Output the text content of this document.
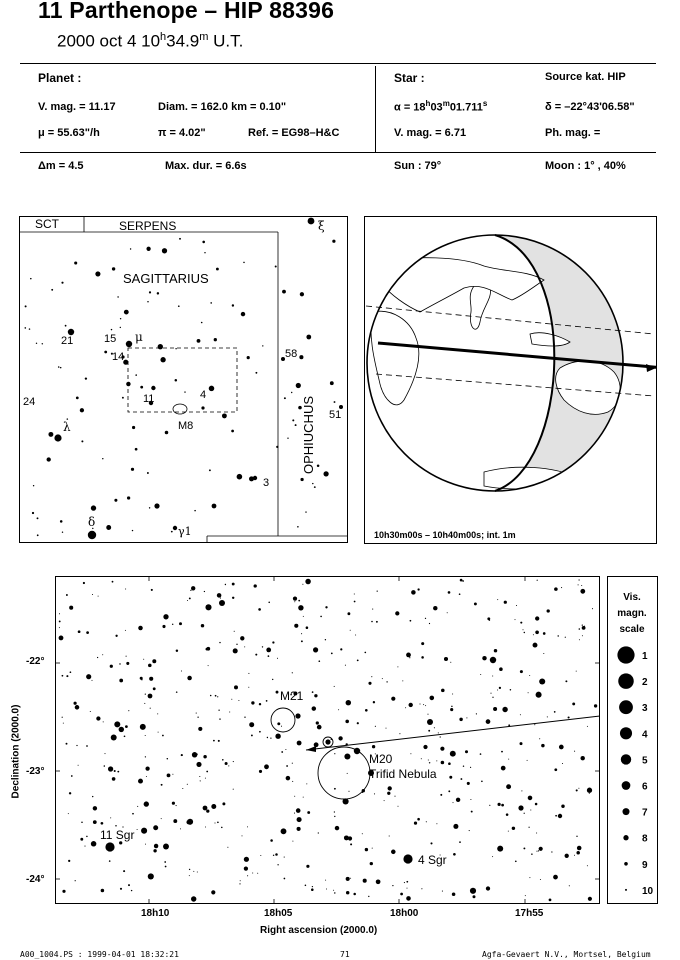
11 Parthenope – HIP 88396
2000 oct 4 10$^h$34.9$^m$ U.T.
Planet :
V. mag. = 11.17	Diam. = 162.0 km = 0.10"
μ = 55.63"/h	π = 4.02"	Ref. = EG98–H&C
Δm = 4.5	Max. dur. = 6.6s
Star :	Source kat. HIP
$\alpha = 18^h03^m01.711^s$	δ = –22°43'06.58"
V. mag. = 6.71	Ph. mag. =
Sun : 79°	Moon : 1° , 40%
SCT	SERPENS
SAGITTARIUS
OPHIUCHUS
ξ
μ
λ
δ
γ1
21	15
14
11	4
M8
24
58
51
3
10h30m00s – 10h40m00s; int. 1m
Declination (2000.0)
-22°
-23°
-24°
18h10	18h05	18h00	17h55
Right ascension (2000.0)
M21
M20
Trifid Nebula
11 Sgr
4 Sgr
Vis.
magn.
scale
1
2
3
4
5
6
7
8
9
10
A00_1004.PS : 1999-04-01 18:32:21	71	Agfa-Gevaert N.V., Mortsel, Belgium
